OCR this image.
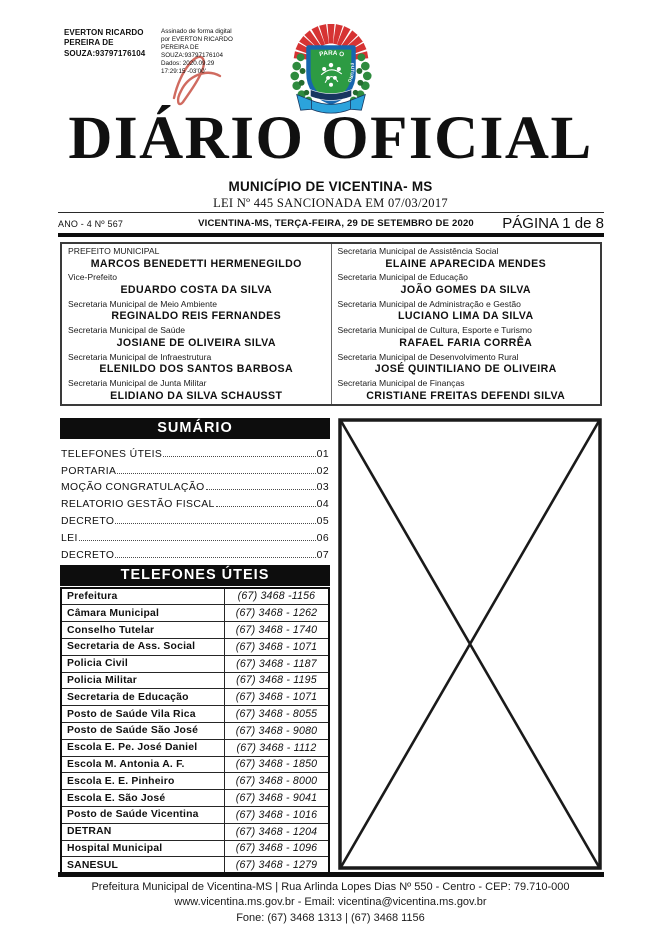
EVERTON RICARDO PEREIRA DE SOUZA:93797176104
Assinado de forma digital por EVERTON RICARDO PEREIRA DE SOUZA:93797176104
Dados: 2020.09.29
17:29:15 -03'00'
PARA O
FUTURO
DIÁRIO OFICIAL
MUNICÍPIO DE VICENTINA- MS
LEI Nº 445 SANCIONADA EM 07/03/2017
ANO - 4 Nº 567	VICENTINA-MS, TERÇA-FEIRA, 29 DE SETEMBRO DE 2020	PÁGINA 1 de 8
PREFEITO MUNICIPAL
MARCOS BENEDETTI HERMENEGILDO
Vice-Prefeito
EDUARDO COSTA DA SILVA
Secretaria Municipal de Meio Ambiente
REGINALDO REIS FERNANDES
Secretaria Municipal de Saúde
JOSIANE DE OLIVEIRA SILVA
Secretaria Municipal de Infraestrutura
ELENILDO DOS SANTOS BARBOSA
Secretaria Municipal de Junta Militar
ELIDIANO DA SILVA SCHAUSST
Secretaria Municipal de Assistência Social
ELAINE APARECIDA MENDES
Secretaria Municipal de Educação
JOÃO GOMES DA SILVA
Secretaria Municipal de Administração e Gestão
LUCIANO LIMA DA SILVA
Secretaria Municipal de Cultura, Esporte e Turismo
RAFAEL FARIA CORRÊA
Secretaria Municipal de Desenvolvimento Rural
JOSÉ QUINTILIANO DE OLIVEIRA
Secretaria Municipal de Finanças
CRISTIANE FREITAS DEFENDI SILVA
SUMÁRIO
TELEFONES ÚTEIS	01
PORTARIA	02
MOÇÃO CONGRATULAÇÃO	03
RELATORIO GESTÃO FISCAL	04
DECRETO	05
LEI	06
DECRETO	07
TELEFONES ÚTEIS
Prefeitura	(67) 3468 -1156
Câmara Municipal	(67) 3468 - 1262
Conselho Tutelar	(67) 3468 - 1740
Secretaria de Ass. Social	(67) 3468 - 1071
Policia Civil	(67) 3468 - 1187
Policia Militar	(67) 3468 - 1195
Secretaria de Educação	(67) 3468 - 1071
Posto de Saúde Vila Rica	(67) 3468 - 8055
Posto de Saúde São José	(67) 3468 - 9080
Escola E. Pe. José Daniel	(67) 3468 - 1112
Escola M. Antonia A. F.	(67) 3468 - 1850
Escola E. E. Pinheiro	(67) 3468 - 8000
Escola E. São José	(67) 3468 - 9041
Posto de Saúde Vicentina	(67) 3468 - 1016
DETRAN	(67) 3468 - 1204
Hospital Municipal	(67) 3468 - 1096
SANESUL	(67) 3468 - 1279
Prefeitura Municipal de Vicentina-MS | Rua Arlinda Lopes Dias Nº 550 - Centro - CEP: 79.710-000
www.vicentina.ms.gov.br - Email: vicentina@vicentina.ms.gov.br
Fone: (67) 3468 1313 | (67) 3468 1156
